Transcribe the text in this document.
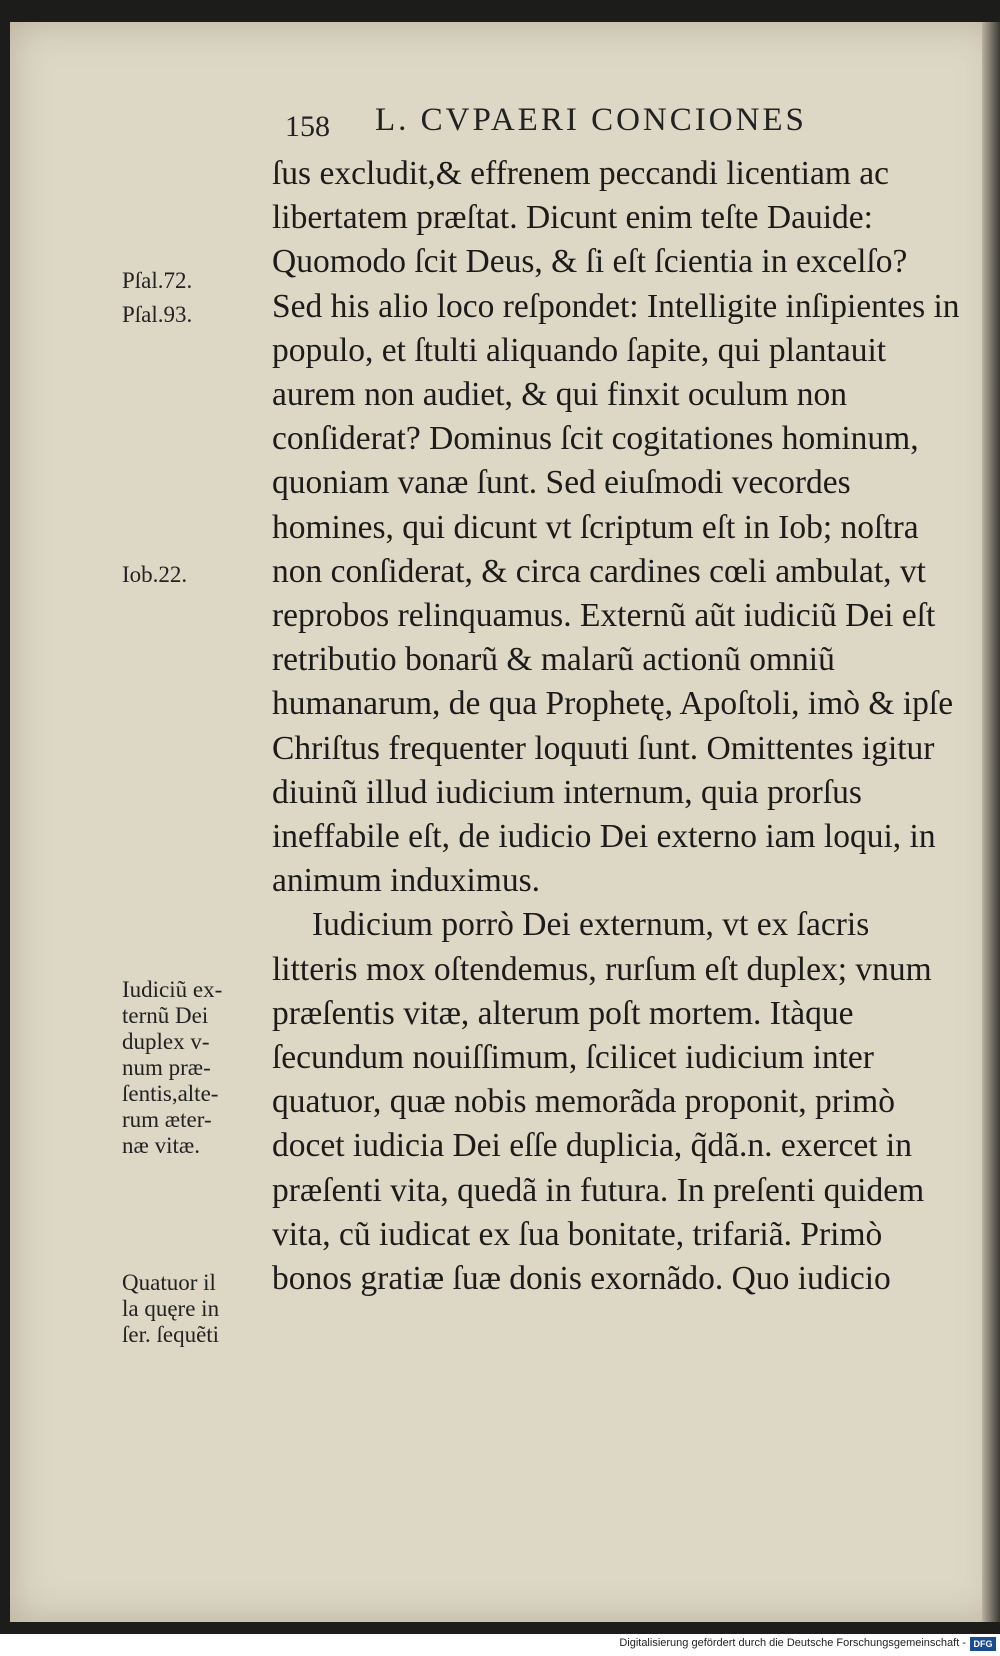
158 L. CVPAERI CONCIONES
Pſal.72.
Pſal.93.
Iob.22.
Iudiciũ ex-
ternũ Dei
duplex v-
num præ-
ſentis,alte-
rum æter-
næ vitæ.
Quatuor il
la quęre in
ſer. ſequẽti

ſus excludit,& effrenem peccandi licentiam ac libertatem præſtat. Dicunt enim teſte Dauide: Quomodo ſcit Deus, & ſi eſt ſcientia in excelſo? Sed his alio loco reſpondet: Intelligite inſipientes in populo, et ſtulti aliquando ſapite, qui plantauit aurem non audiet, & qui finxit oculum non conſiderat? Dominus ſcit cogitationes hominum, quoniam vanæ ſunt. Sed eiuſmodi vecordes homines, qui dicunt vt ſcriptum eſt in Iob; noſtra non conſiderat, & circa cardines cœli ambulat, vt reprobos relinquamus. Externũ aũt iudiciũ Dei eſt retributio bonarũ & malarũ actionũ omniũ humanarum, de qua Prophetę, Apoſtoli, imò & ipſe Chriſtus frequenter loquuti ſunt. Omittentes igitur diuinũ illud iudicium internum, quia prorſus ineffabile eſt, de iudicio Dei externo iam loqui, in animum induximus.

Iudicium porrò Dei externum, vt ex ſacris litteris mox oſtendemus, rurſum eſt duplex; vnum præſentis vitæ, alterum poſt mortem. Itàque ſecundum nouiſſimum, ſcilicet iudicium inter quatuor, quæ nobis memorãda proponit, primò docet iudicia Dei eſſe duplicia, q̃dã.n. exercet in præſenti vita, quedã in futura. In preſenti quidem vita, cũ iudicat ex ſua bonitate, trifariã. Primò bonos gratiæ ſuæ donis exornãdo. Quo iudicio

Digitalisierung gefördert durch die Deutsche Forschungsgemeinschaft - DFG
